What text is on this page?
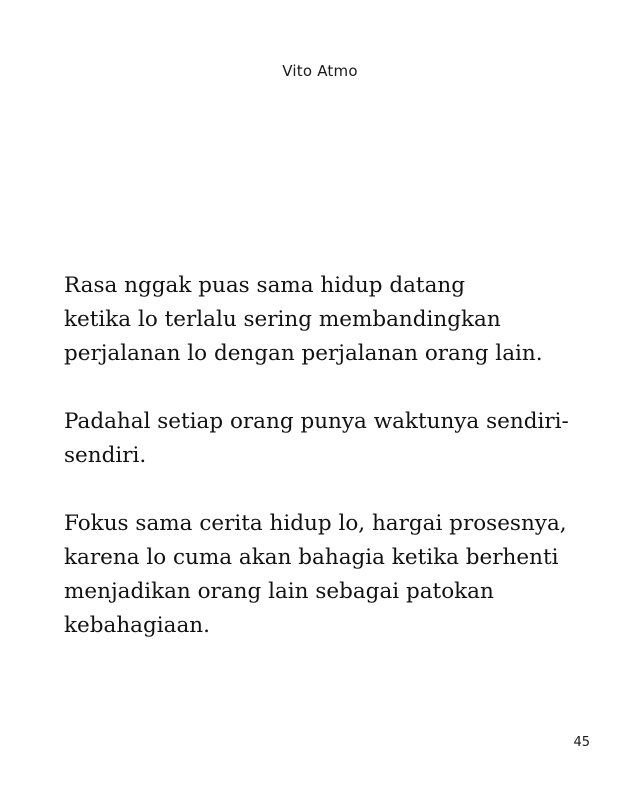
Vito Atmo

Rasa nggak puas sama hidup datang
ketika lo terlalu sering membandingkan
perjalanan lo dengan perjalanan orang lain.

Padahal setiap orang punya waktunya sendiri-
sendiri.

Fokus sama cerita hidup lo, hargai prosesnya,
karena lo cuma akan bahagia ketika berhenti
menjadikan orang lain sebagai patokan
kebahagiaan.

45
